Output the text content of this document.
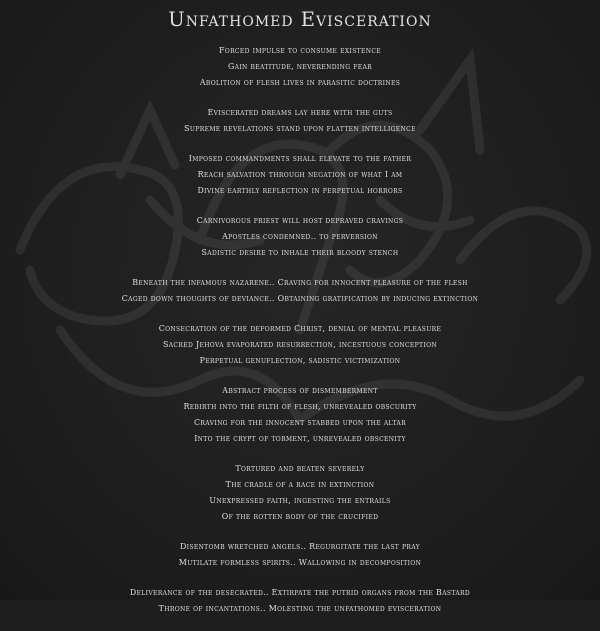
Unfathomed Evisceration
Forced impulse to consume existence
Gain beatitude, neverending fear
Abolition of flesh lives in parasitic doctrines
Eviscerated dreams lay here with the guts
Supreme revelations stand upon flatten intelligence
Imposed commandments shall elevate to the father
Reach salvation through negation of what I am
Divine earthly reflection in perpetual horrors
Carnivorous priest will host depraved cravings
Apostles condemned.. to perversion
Sadistic desire to inhale their bloody stench
Beneath the infamous nazarene.. Craving for innocent pleasure of the flesh
Caged down thoughts of deviance.. Obtaining gratification by inducing extinction
Consecration of the deformed Christ, denial of mental pleasure
Sacred Jehova evaporated resurrection, incestuous conception
Perpetual genuflection, sadistic victimization
Abstract process of dismemberment
Rebirth into the filth of flesh, unrevealed obscurity
Craving for the innocent stabbed upon the altar
Into the crypt of torment, unrevealed obscenity
Tortured and beaten severely
The cradle of a race in extinction
Unexpressed faith, ingesting the entrails
Of the rotten body of the crucified
Disentomb wretched angels.. Regurgitate the last pray
Mutilate formless spirits.. Wallowing in decomposition
Deliverance of the desecrated.. Extirpate the putrid organs from the Bastard
Throne of incantations.. Molesting the unfathomed evisceration
